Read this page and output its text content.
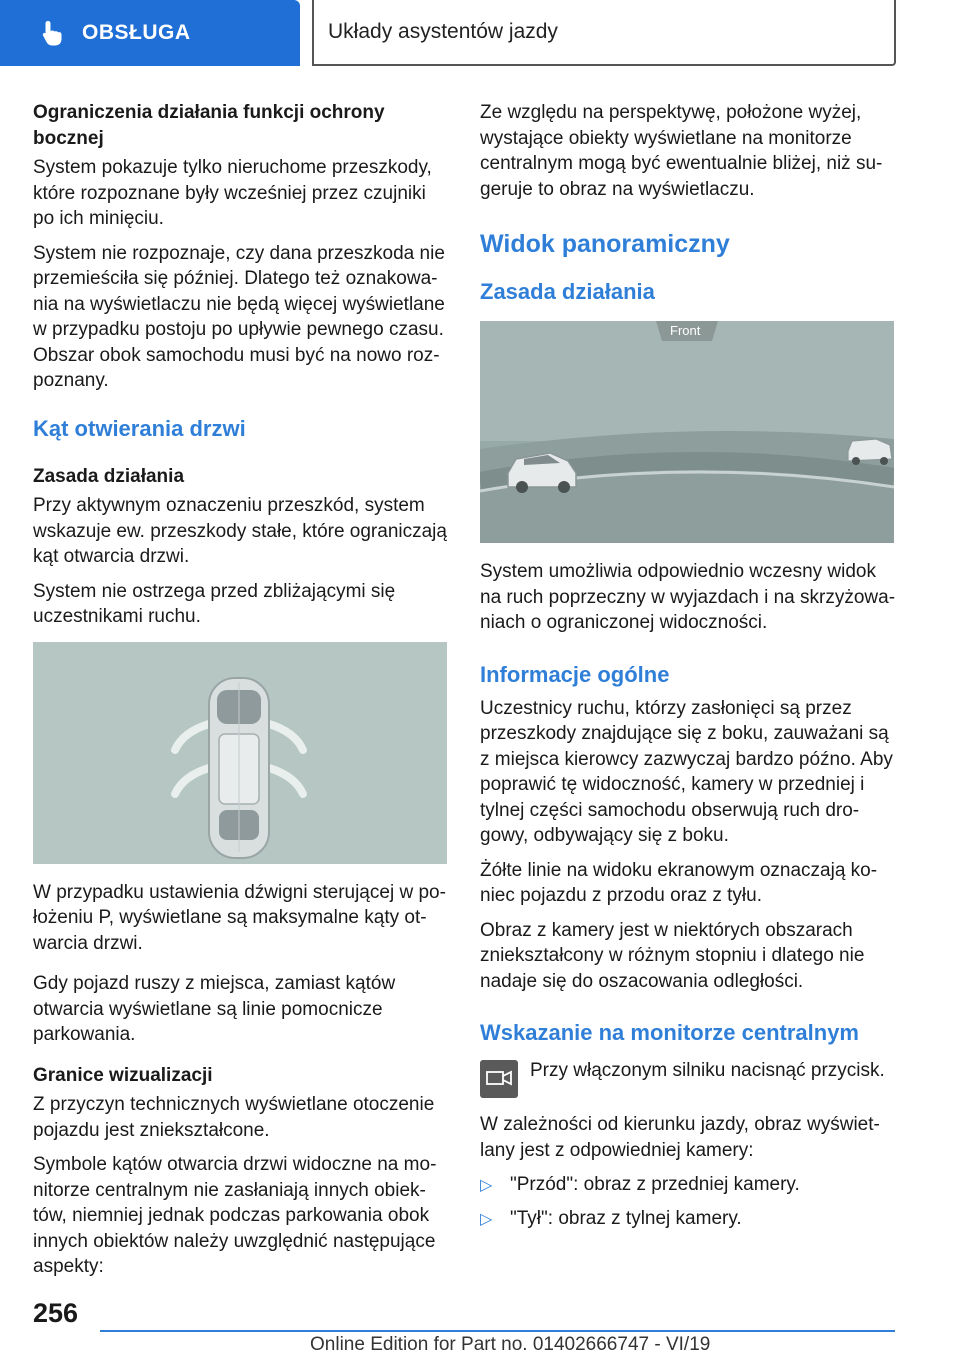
OBSŁUGA	Układy asystentów jazdy
Ograniczenia działania funkcji ochrony bocznej

System pokazuje tylko nieruchome przeszkody, które rozpoznane były wcześniej przez czujniki po ich minięciu.

System nie rozpoznaje, czy dana przeszkoda nie przemieściła się później. Dlatego też oznakowania na wyświetlaczu nie będą więcej wyświetlane w przypadku postoju po upływie pewnego czasu. Obszar obok samochodu musi być na nowo rozpoznany.

Kąt otwierania drzwi
Zasada działania

Przy aktywnym oznaczeniu przeszkód, system wskazuje ew. przeszkody stałe, które ograniczają kąt otwarcia drzwi.

System nie ostrzega przed zbliżającymi się uczestnikami ruchu.

W przypadku ustawienia dźwigni sterującej w położeniu P, wyświetlane są maksymalne kąty otwarcia drzwi.

Gdy pojazd ruszy z miejsca, zamiast kątów otwarcia wyświetlane są linie pomocnicze parkowania.

Granice wizualizacji

Z przyczyn technicznych wyświetlane otoczenie pojazdu jest zniekształcone.

Symbole kątów otwarcia drzwi widoczne na monitorze centralnym nie zasłaniają innych obiektów, niemniej jednak podczas parkowania obok innych obiektów należy uwzględnić następujące aspekty:

Ze względu na perspektywę, położone wyżej, wystające obiekty wyświetlane na monitorze centralnym mogą być ewentualnie bliżej, niż sugeruje to obraz na wyświetlaczu.

Widok panoramiczny
Zasada działania
Front

System umożliwia odpowiednio wczesny widok na ruch poprzeczny w wyjazdach i na skrzyżowaniach o ograniczonej widoczności.

Informacje ogólne

Uczestnicy ruchu, którzy zasłonięci są przez przeszkody znajdujące się z boku, zauważani są z miejsca kierowcy zazwyczaj bardzo późno. Aby poprawić tę widoczność, kamery w przedniej i tylnej części samochodu obserwują ruch drogowy, odbywający się z boku.

Żółte linie na widoku ekranowym oznaczają koniec pojazdu z przodu oraz z tyłu.

Obraz z kamery jest w niektórych obszarach zniekształcony w różnym stopniu i dlatego nie nadaje się do oszacowania odległości.

Wskazanie na monitorze centralnym
Przy włączonym silniku nacisnąć przycisk.

W zależności od kierunku jazdy, obraz wyświetlany jest z odpowiedniej kamery:

▷ "Przód": obraz z przedniej kamery.
▷ "Tył": obraz z tylnej kamery.
256
Online Edition for Part no. 01402666747 - VI/19
